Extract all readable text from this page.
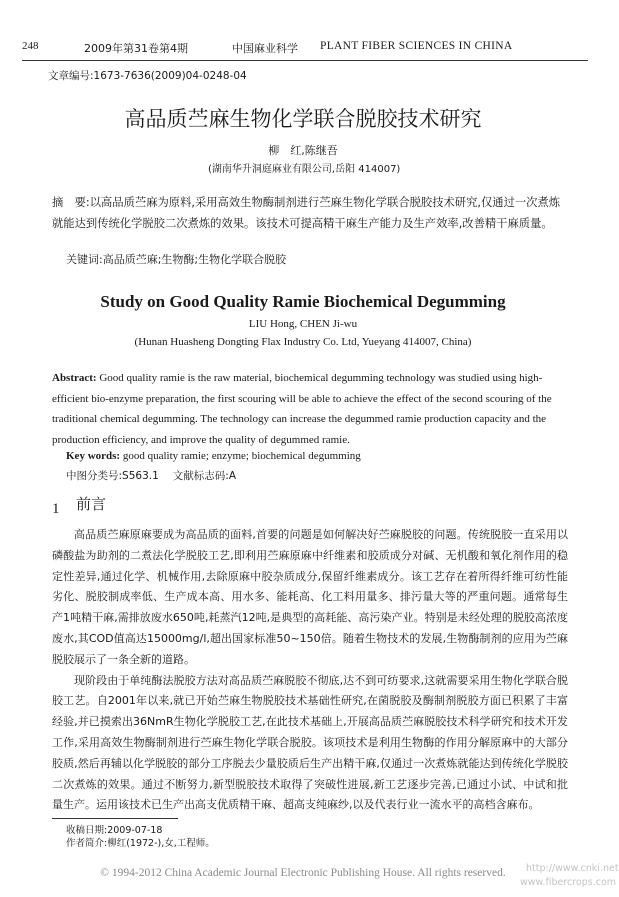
248	2009年第31卷第4期	中国麻业科学 PLANT FIBER SCIENCES IN CHINA
文章编号:1673-7636(2009)04-0248-04
高品质苎麻生物化学联合脱胶技术研究
柳　红,陈继吾
(湖南华升洞庭麻业有限公司,岳阳 414007)
摘　要:以高品质苎麻为原料,采用高效生物酶制剂进行苎麻生物化学联合脱胶技术研究,仅通过一次煮炼就能达到传统化学脱胶二次煮炼的效果。该技术可提高精干麻生产能力及生产效率,改善精干麻质量。
关键词:高品质苎麻;生物酶;生物化学联合脱胶
Study on Good Quality Ramie Biochemical Degumming
LIU Hong, CHEN Ji-wu
(Hunan Huasheng Dongting Flax Industry Co. Ltd, Yueyang 414007, China)
Abstract: Good quality ramie is the raw material, biochemical degumming technology was studied using high-efficient bio-enzyme preparation, the first scouring will be able to achieve the effect of the second scouring of the traditional chemical degumming. The technology can increase the degummed ramie production capacity and the production efficiency, and improve the quality of degummed ramie.
Key words: good quality ramie; enzyme; biochemical degumming
中图分类号:S563.1 文献标志码:A
1 前言

高品质苎麻原麻要成为高品质的面料,首要的问题是如何解决好苎麻脱胶的问题。传统脱胶一直采用以磷酸盐为助剂的二煮法化学脱胶工艺,即利用苎麻原麻中纤维素和胶质成分对碱、无机酸和氧化剂作用的稳定性差异,通过化学、机械作用,去除原麻中胶杂质成分,保留纤维素成分。该工艺存在着所得纤维可纺性能劣化、脱胶制成率低、生产成本高、用水多、能耗高、化工料用量多、排污量大等的严重问题。通常每生产1吨精干麻,需排放废水650吨,耗蒸汽12吨,是典型的高耗能、高污染产业。特别是未经处理的脱胶高浓度废水,其COD值高达15000mg/l,超出国家标准50~150倍。随着生物技术的发展,生物酶制剂的应用为苎麻脱胶展示了一条全新的道路。

现阶段由于单纯酶法脱胶方法对高品质苎麻脱胶不彻底,达不到可纺要求,这就需要采用生物化学联合脱胶工艺。自2001年以来,就已开始苎麻生物脱胶技术基础性研究,在菌脱胶及酶制剂脱胶方面已积累了丰富经验,并已摸索出36NmR生物化学脱胶工艺,在此技术基础上,开展高品质苎麻脱胶技术科学研究和技术开发工作,采用高效生物酶制剂进行苎麻生物化学联合脱胶。该项技术是利用生物酶的作用分解原麻中的大部分胶质,然后再辅以化学脱胶的部分工序脱去少量胶质后生产出精干麻,仅通过一次煮炼就能达到传统化学脱胶二次煮炼的效果。通过不断努力,新型脱胶技术取得了突破性进展,新工艺逐步完善,已通过小试、中试和批量生产。运用该技术已生产出高支优质精干麻、超高支纯麻纱,以及代表行业一流水平的高档含麻布。

收稿日期:2009-07-18
作者简介:柳红(1972-),女,工程师。
© 1994-2012 China Academic Journal Electronic Publishing House. All rights reserved.	http://www.cnki.net
www.fibercrops.com
